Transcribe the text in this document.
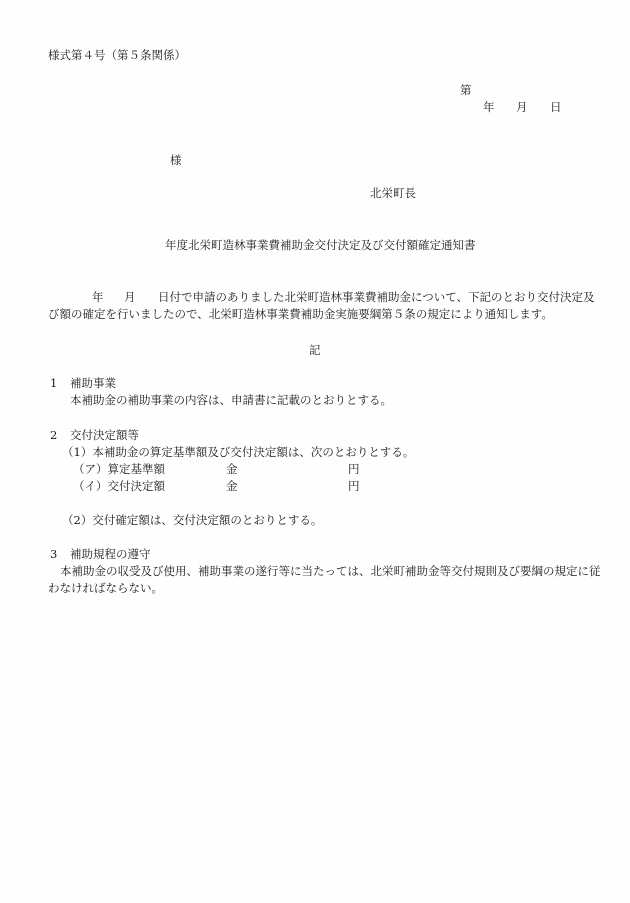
様式第４号（第５条関係）
第
年 月 日
様
北栄町長
年度北栄町造林事業費補助金交付決定及び交付額確定通知書
年 月 日付で申請のありました北栄町造林事業費補助金について、下記のとおり交付決定及
び額の確定を行いましたので、北栄町造林事業費補助金実施要綱第５条の規定により通知します。
記
1 補助事業
本補助金の補助事業の内容は、申請書に記載のとおりとする。
2 交付決定額等
（1）本補助金の算定基準額及び交付決定額は、次のとおりとする。
（ア）算定基準額	金	円
（イ）交付決定額	金	円
（2）交付確定額は、交付決定額のとおりとする。
3 補助規程の遵守
本補助金の収受及び使用、補助事業の遂行等に当たっては、北栄町補助金等交付規則及び要綱の規定に従
わなければならない。
